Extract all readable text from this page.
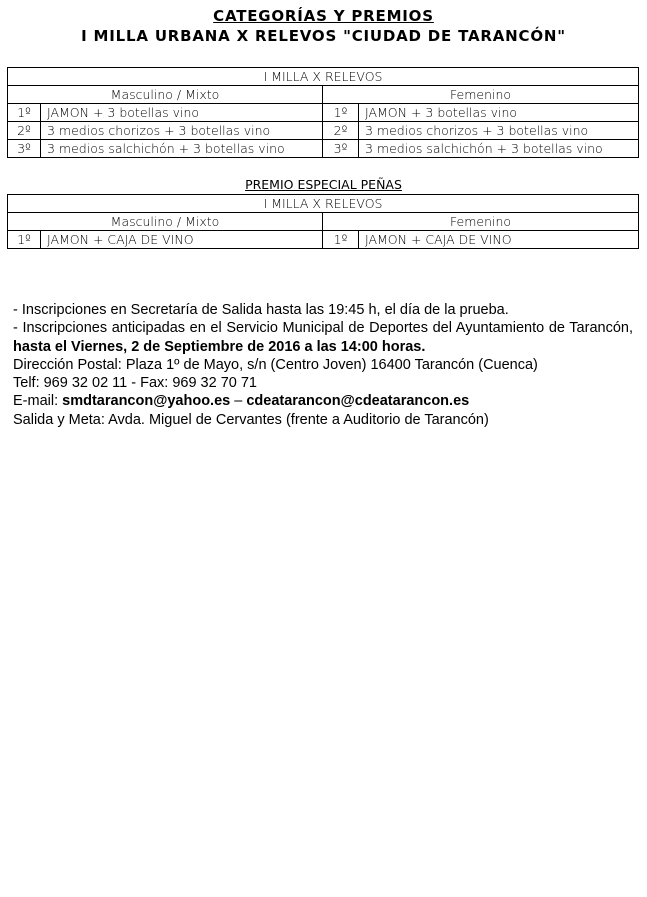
CATEGORÍAS Y PREMIOS
I MILLA URBANA X RELEVOS "CIUDAD DE TARANCÓN"
I MILLA X RELEVOS			
Masculino / Mixto		Femenino	
1º	JAMON + 3 botellas vino	1º	JAMON + 3 botellas vino
2º	3 medios chorizos + 3 botellas vino	2º	3 medios chorizos + 3 botellas vino
3º	3 medios salchichón + 3 botellas vino	3º	3 medios salchichón + 3 botellas vino
PREMIO ESPECIAL PEÑAS
I MILLA X RELEVOS			
Masculino / Mixto		Femenino	
1º	JAMON + CAJA DE VINO	1º	JAMON + CAJA DE VINO

- Inscripciones en Secretaría de Salida hasta las 19:45 h, el día de la prueba.

- Inscripciones anticipadas en el Servicio Municipal de Deportes del Ayuntamiento de Tarancón, hasta el Viernes, 2 de Septiembre de 2016 a las 14:00 horas.

Dirección Postal: Plaza 1º de Mayo, s/n (Centro Joven) 16400 Tarancón (Cuenca)

Telf: 969 32 02 11 - Fax: 969 32 70 71

E-mail: smdtarancon@yahoo.es – cdeatarancon@cdeatarancon.es

Salida y Meta: Avda. Miguel de Cervantes (frente a Auditorio de Tarancón)
